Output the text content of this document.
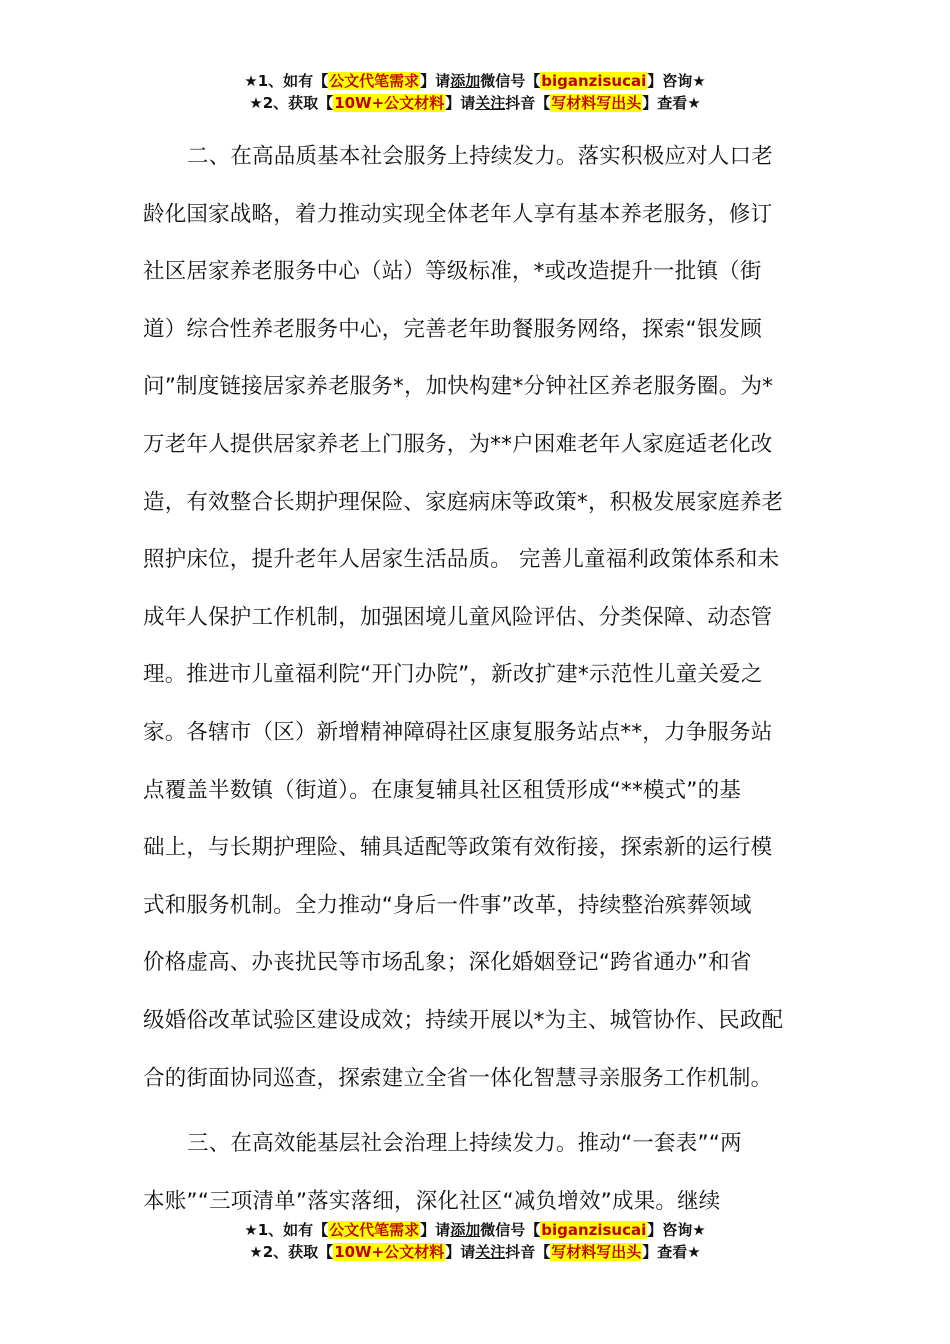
★1、如有【公文代笔需求】请添加微信号【biganzisucai】咨询★
★2、获取【10W+公文材料】请关注抖音【写材料写出头】查看★

二、在高品质基本社会服务上持续发力。落实积极应对人口老
龄化国家战略，着力推动实现全体老年人享有基本养老服务，修订
社区居家养老服务中心（站）等级标准，*或改造提升一批镇（街
道）综合性养老服务中心，完善老年助餐服务网络，探索“银发顾
问”制度链接居家养老服务*，加快构建*分钟社区养老服务圈。为*
万老年人提供居家养老上门服务，为**户困难老年人家庭适老化改
造，有效整合长期护理保险、家庭病床等政策*，积极发展家庭养老
照护床位，提升老年人居家生活品质。 完善儿童福利政策体系和未
成年人保护工作机制，加强困境儿童风险评估、分类保障、动态管
理。推进市儿童福利院“开门办院”，新改扩建*示范性儿童关爱之
家。各辖市（区）新增精神障碍社区康复服务站点**，力争服务站
点覆盖半数镇（街道）。在康复辅具社区租赁形成“**模式”的基
础上，与长期护理险、辅具适配等政策有效衔接，探索新的运行模
式和服务机制。全力推动“身后一件事”改革，持续整治殡葬领域
价格虚高、办丧扰民等市场乱象；深化婚姻登记“跨省通办”和省
级婚俗改革试验区建设成效；持续开展以*为主、城管协作、民政配
合的街面协同巡查，探索建立全省一体化智慧寻亲服务工作机制。

三、在高效能基层社会治理上持续发力。推动“一套表”“两
本账”“三项清单”落实落细，深化社区“减负增效”成果。继续

★1、如有【公文代笔需求】请添加微信号【biganzisucai】咨询★
★2、获取【10W+公文材料】请关注抖音【写材料写出头】查看★
